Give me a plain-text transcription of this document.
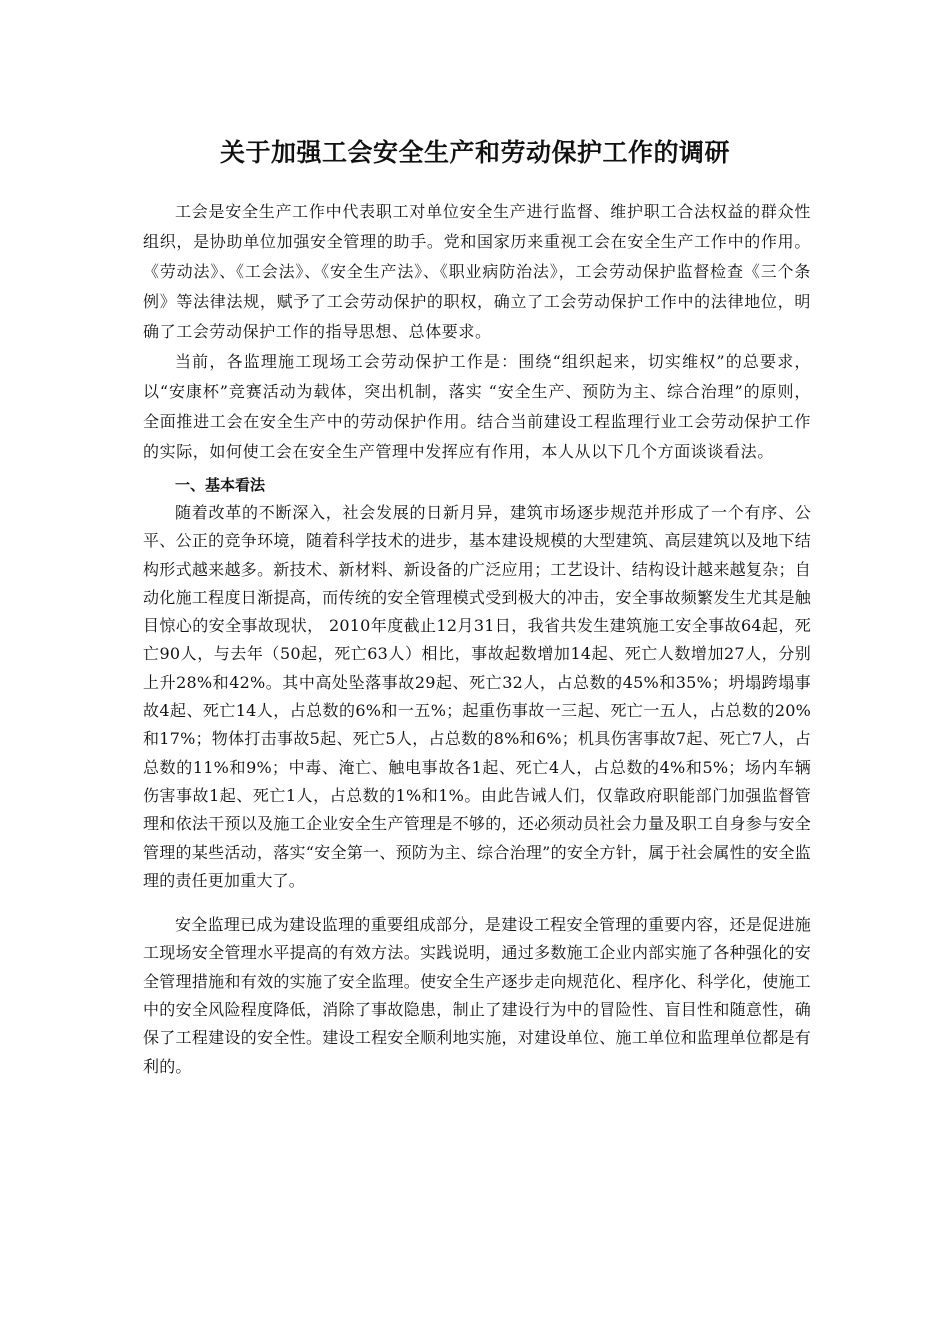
关于加强工会安全生产和劳动保护工作的调研

工会是安全生产工作中代表职工对单位安全生产进行监督、维护职工合法权益的群众性组织，是协助单位加强安全管理的助手。党和国家历来重视工会在安全生产工作中的作用。《劳动法》、《工会法》、《安全生产法》、《职业病防治法》，工会劳动保护监督检查《三个条例》等法律法规，赋予了工会劳动保护的职权，确立了工会劳动保护工作中的法律地位，明确了工会劳动保护工作的指导思想、总体要求。

当前，各监理施工现场工会劳动保护工作是：围绕“组织起来，切实维权”的总要求，以“安康杯”竞赛活动为载体，突出机制，落实 “安全生产、预防为主、综合治理”的原则，全面推进工会在安全生产中的劳动保护作用。结合当前建设工程监理行业工会劳动保护工作的实际，如何使工会在安全生产管理中发挥应有作用，本人从以下几个方面谈谈看法。

一、基本看法

随着改革的不断深入，社会发展的日新月异，建筑市场逐步规范并形成了一个有序、公平、公正的竞争环境，随着科学技术的进步，基本建设规模的大型建筑、高层建筑以及地下结构形式越来越多。新技术、新材料、新设备的广泛应用；工艺设计、结构设计越来越复杂；自动化施工程度日渐提高，而传统的安全管理模式受到极大的冲击，安全事故频繁发生尤其是触目惊心的安全事故现状， 2010年度截止12月31日，我省共发生建筑施工安全事故64起，死亡90人，与去年（50起，死亡63人）相比，事故起数增加14起、死亡人数增加27人，分别上升28%和42%。其中高处坠落事故29起、死亡32人，占总数的45%和35%；坍塌跨塌事故4起、死亡14人，占总数的6%和一五%；起重伤事故一三起、死亡一五人，占总数的20%和17%；物体打击事故5起、死亡5人，占总数的8%和6%；机具伤害事故7起、死亡7人，占总数的11%和9%；中毒、淹亡、触电事故各1起、死亡4人，占总数的4%和5%；场内车辆伤害事故1起、死亡1人，占总数的1%和1%。由此告诫人们，仅靠政府职能部门加强监督管理和依法干预以及施工企业安全生产管理是不够的，还必须动员社会力量及职工自身参与安全管理的某些活动，落实“安全第一、预防为主、综合治理”的安全方针，属于社会属性的安全监理的责任更加重大了。

安全监理已成为建设监理的重要组成部分，是建设工程安全管理的重要内容，还是促进施工现场安全管理水平提高的有效方法。实践说明，通过多数施工企业内部实施了各种强化的安全管理措施和有效的实施了安全监理。使安全生产逐步走向规范化、程序化、科学化，使施工中的安全风险程度降低，消除了事故隐患，制止了建设行为中的冒险性、盲目性和随意性，确保了工程建设的安全性。建设工程安全顺利地实施，对建设单位、施工单位和监理单位都是有利的。
